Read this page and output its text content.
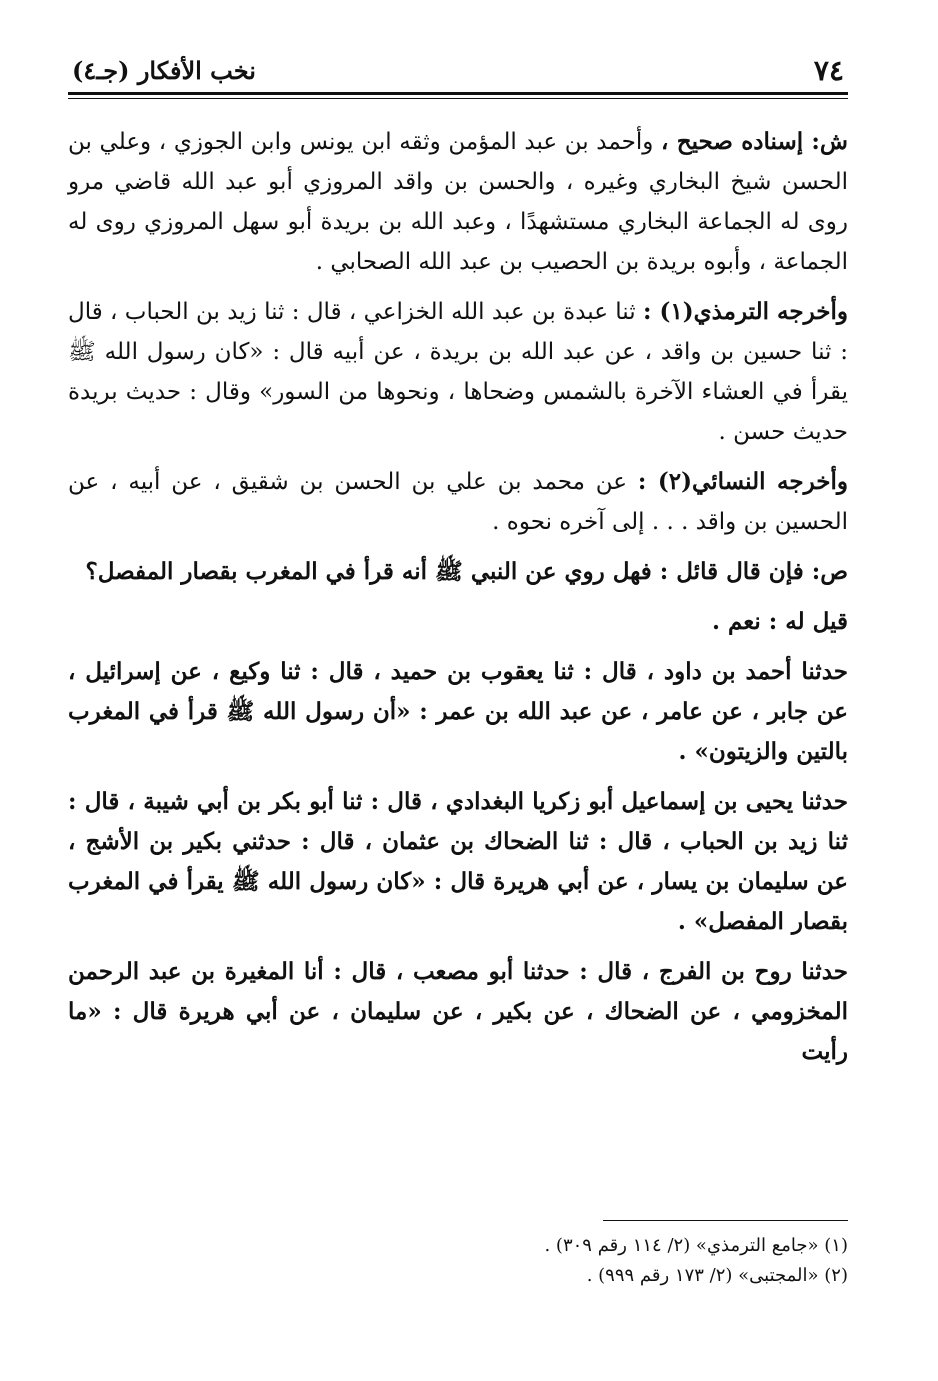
٧٤
نخب الأفكار (جـ٤)

ش: إسناده صحيح ، وأحمد بن عبد المؤمن وثقه ابن يونس وابن الجوزي ، وعلي بن الحسن شيخ البخاري وغيره ، والحسن بن واقد المروزي أبو عبد الله قاضي مرو روى له الجماعة البخاري مستشهدًا ، وعبد الله بن بريدة أبو سهل المروزي روى له الجماعة ، وأبوه بريدة بن الحصيب بن عبد الله الصحابي .

وأخرجه الترمذي(١) : ثنا عبدة بن عبد الله الخزاعي ، قال : ثنا زيد بن الحباب ، قال : ثنا حسين بن واقد ، عن عبد الله بن بريدة ، عن أبيه قال : «كان رسول الله ﷺ يقرأ في العشاء الآخرة بالشمس وضحاها ، ونحوها من السور» وقال : حديث بريدة حديث حسن .

وأخرجه النسائي(٢) : عن محمد بن علي بن الحسن بن شقيق ، عن أبيه ، عن الحسين بن واقد . . . إلى آخره نحوه .

ص: فإن قال قائل : فهل روي عن النبي ﷺ أنه قرأ في المغرب بقصار المفصل؟

قيل له : نعم .

حدثنا أحمد بن داود ، قال : ثنا يعقوب بن حميد ، قال : ثنا وكيع ، عن إسرائيل ، عن جابر ، عن عامر ، عن عبد الله بن عمر : «أن رسول الله ﷺ قرأ في المغرب بالتين والزيتون» .

حدثنا يحيى بن إسماعيل أبو زكريا البغدادي ، قال : ثنا أبو بكر بن أبي شيبة ، قال : ثنا زيد بن الحباب ، قال : ثنا الضحاك بن عثمان ، قال : حدثني بكير بن الأشج ، عن سليمان بن يسار ، عن أبي هريرة قال : «كان رسول الله ﷺ يقرأ في المغرب بقصار المفصل» .

حدثنا روح بن الفرج ، قال : حدثنا أبو مصعب ، قال : أنا المغيرة بن عبد الرحمن المخزومي ، عن الضحاك ، عن بكير ، عن سليمان ، عن أبي هريرة قال : «ما رأيت

(١) «جامع الترمذي» (٢/ ١١٤ رقم ٣٠٩) .
(٢) «المجتبى» (٢/ ١٧٣ رقم ٩٩٩) .
